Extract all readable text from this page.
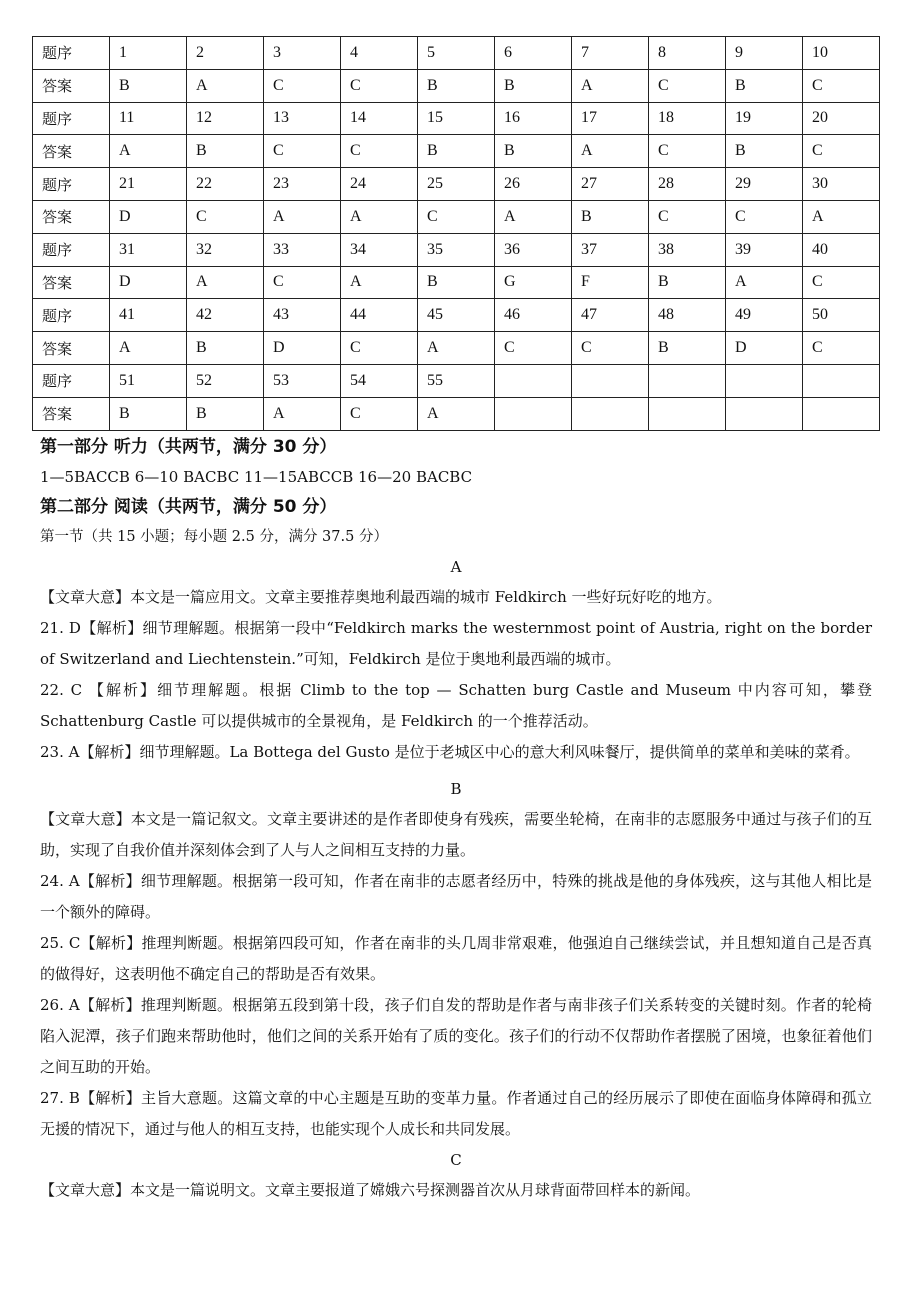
题序	1	2	3	4	5	6	7	8	9	10
答案	B	A	C	C	B	B	A	C	B	C
题序	11	12	13	14	15	16	17	18	19	20
答案	A	B	C	C	B	B	A	C	B	C
题序	21	22	23	24	25	26	27	28	29	30
答案	D	C	A	A	C	A	B	C	C	A
题序	31	32	33	34	35	36	37	38	39	40
答案	D	A	C	A	B	G	F	B	A	C
题序	41	42	43	44	45	46	47	48	49	50
答案	A	B	D	C	A	C	C	B	D	C
题序	51	52	53	54	55					
答案	B	B	A	C	A					

第一部分 听力（共两节，满分 30 分）

1—5BACCB 6—10 BACBC 11—15ABCCB 16—20 BACBC

第二部分 阅读（共两节，满分 50 分）

第一节（共 15 小题；每小题 2.5 分，满分 37.5 分）

A

【文章大意】本文是一篇应用文。文章主要推荐奥地利最西端的城市 Feldkirch 一些好玩好吃的地方。

21. D【解析】细节理解题。根据第一段中“Feldkirch marks the westernmost point of Austria, right on the border of Switzerland and Liechtenstein.”可知，Feldkirch 是位于奥地利最西端的城市。

22. C 【解析】细节理解题。根据 Climb to the top — Schatten burg Castle and Museum 中内容可知，攀登 Schattenburg Castle 可以提供城市的全景视角，是 Feldkirch 的一个推荐活动。

23. A【解析】细节理解题。La Bottega del Gusto 是位于老城区中心的意大利风味餐厅，提供简单的菜单和美味的菜肴。

B

【文章大意】本文是一篇记叙文。文章主要讲述的是作者即使身有残疾，需要坐轮椅，在南非的志愿服务中通过与孩子们的互助，实现了自我价值并深刻体会到了人与人之间相互支持的力量。

24. A【解析】细节理解题。根据第一段可知，作者在南非的志愿者经历中，特殊的挑战是他的身体残疾，这与其他人相比是一个额外的障碍。

25. C【解析】推理判断题。根据第四段可知，作者在南非的头几周非常艰难，他强迫自己继续尝试，并且想知道自己是否真的做得好，这表明他不确定自己的帮助是否有效果。

26. A【解析】推理判断题。根据第五段到第十段，孩子们自发的帮助是作者与南非孩子们关系转变的关键时刻。作者的轮椅陷入泥潭，孩子们跑来帮助他时，他们之间的关系开始有了质的变化。孩子们的行动不仅帮助作者摆脱了困境，也象征着他们之间互助的开始。

27. B【解析】主旨大意题。这篇文章的中心主题是互助的变革力量。作者通过自己的经历展示了即使在面临身体障碍和孤立无援的情况下，通过与他人的相互支持，也能实现个人成长和共同发展。

C

【文章大意】本文是一篇说明文。文章主要报道了嫦娥六号探测器首次从月球背面带回样本的新闻。
